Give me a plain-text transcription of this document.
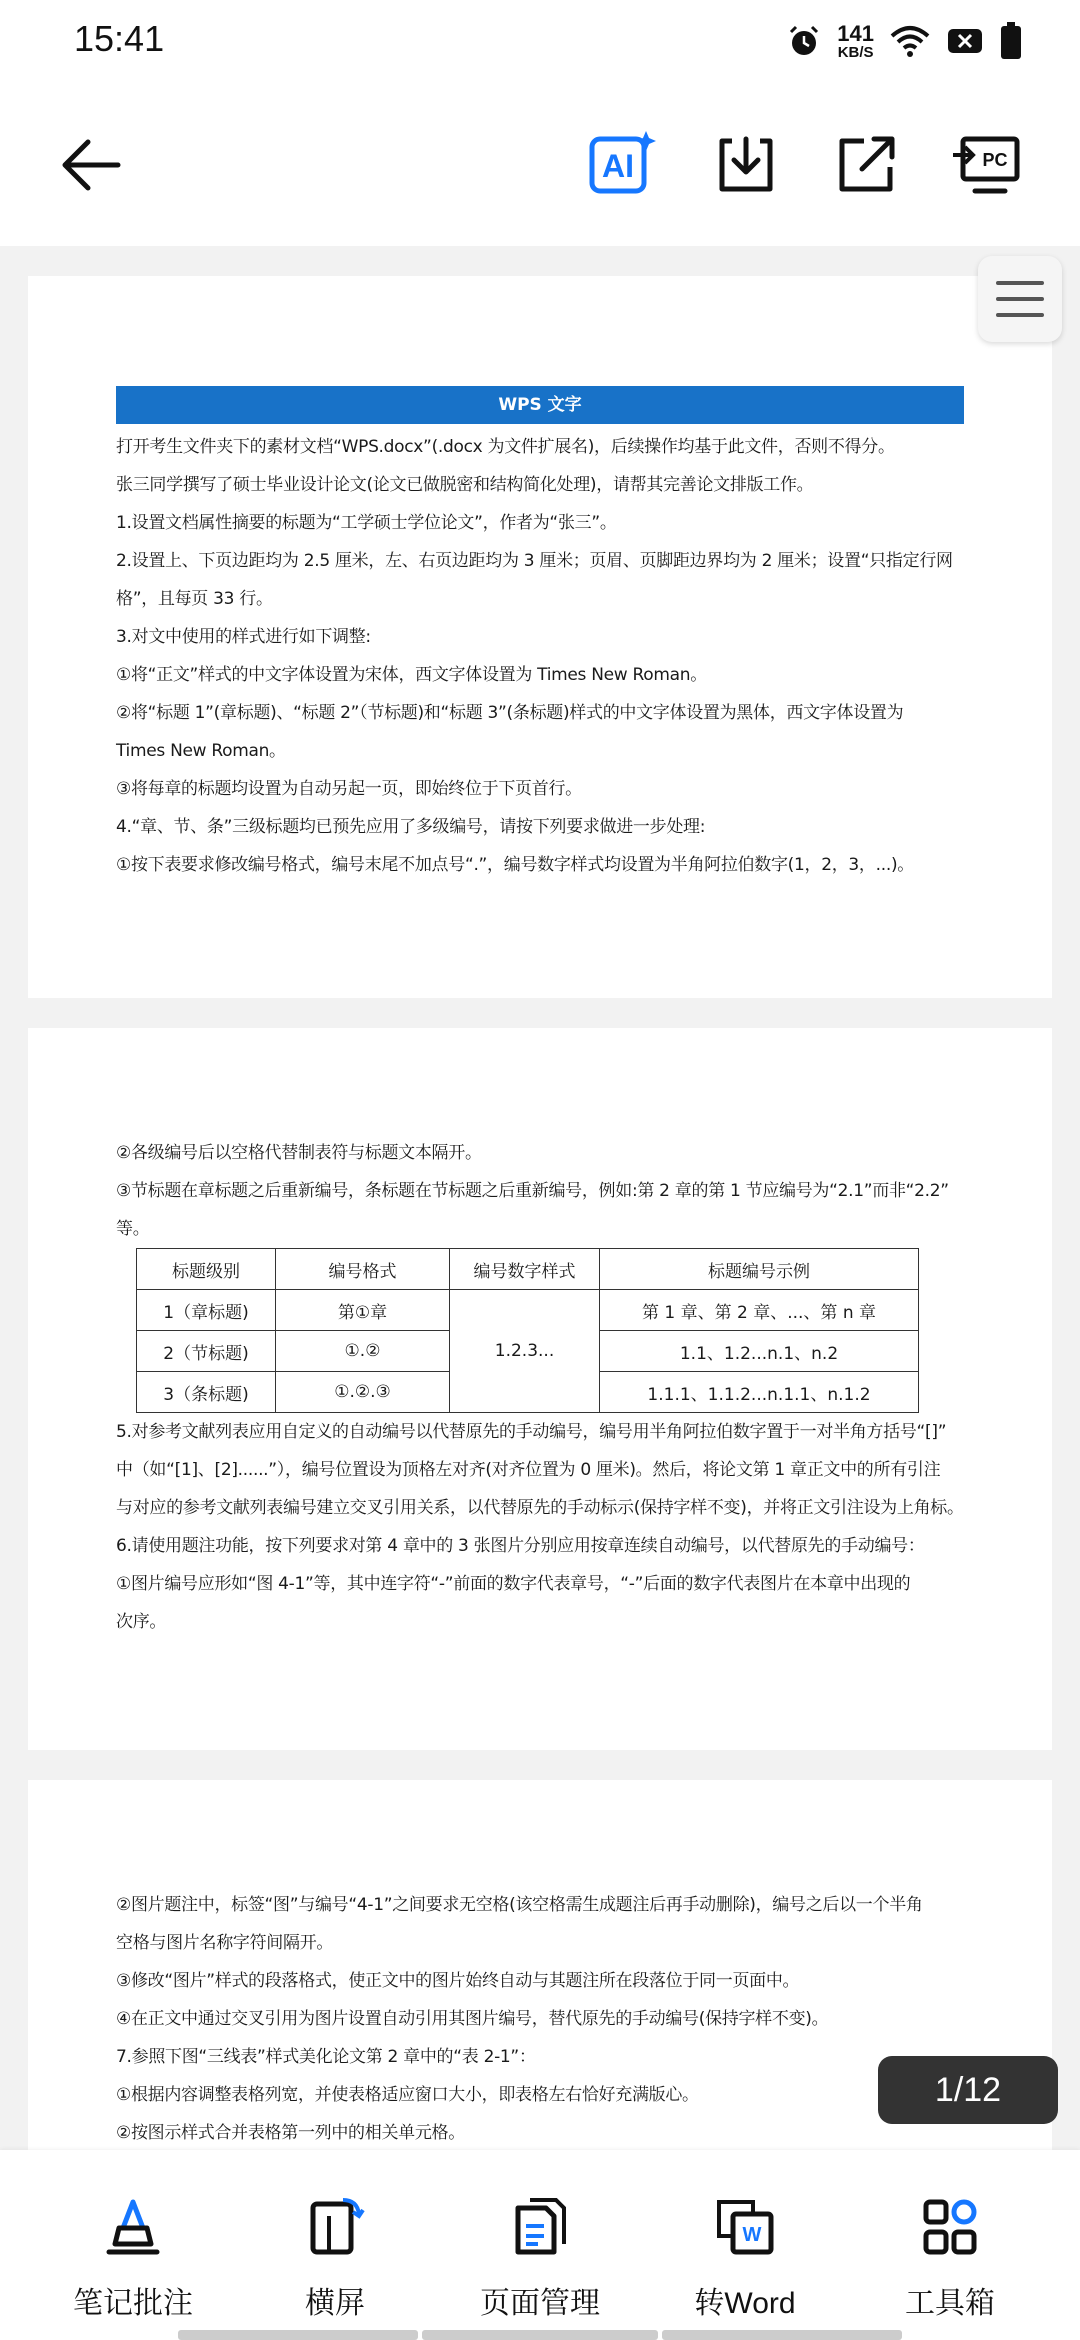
15:41	141
KB/S
AI	PC
WPS 文字
打开考生文件夹下的素材文档“WPS.docx”(.docx 为文件扩展名)，后续操作均基于此文件，否则不得分。
张三同学撰写了硕士毕业设计论文(论文已做脱密和结构简化处理)，请帮其完善论文排版工作。
1.设置文档属性摘要的标题为“工学硕士学位论文”，作者为“张三”。
2.设置上、下页边距均为 2.5 厘米，左、右页边距均为 3 厘米；页眉、页脚距边界均为 2 厘米；设置“只指定行网
格”，且每页 33 行。
3.对文中使用的样式进行如下调整:
①将“正文”样式的中文字体设置为宋体，西文字体设置为 Times New Roman。
②将“标题 1”(章标题)、“标题 2”（节标题)和“标题 3”(条标题)样式的中文字体设置为黑体，西文字体设置为
Times New Roman。
③将每章的标题均设置为自动另起一页，即始终位于下页首行。
4.“章、节、条”三级标题均已预先应用了多级编号，请按下列要求做进一步处理:
①按下表要求修改编号格式，编号末尾不加点号“.”，编号数字样式均设置为半角阿拉伯数字(1，2，3，...)。
②各级编号后以空格代替制表符与标题文本隔开。
③节标题在章标题之后重新编号，条标题在节标题之后重新编号，例如:第 2 章的第 1 节应编号为“2.1”而非“2.2”
等。
标题级别	编号格式	编号数字样式	标题编号示例
1（章标题)	第①章	1.2.3...	第 1 章、第 2 章、...、第 n 章
2（节标题)	①.②		1.1、1.2...n.1、n.2
3（条标题)	①.②.③		1.1.1、1.1.2...n.1.1、n.1.2
5.对参考文献列表应用自定义的自动编号以代替原先的手动编号，编号用半角阿拉伯数字置于一对半角方括号“[]”
中（如“[1]、[2]......”），编号位置设为顶格左对齐(对齐位置为 0 厘米)。然后，将论文第 1 章正文中的所有引注
与对应的参考文献列表编号建立交叉引用关系，以代替原先的手动标示(保持字样不变)，并将正文引注设为上角标。
6.请使用题注功能，按下列要求对第 4 章中的 3 张图片分别应用按章连续自动编号，以代替原先的手动编号：
①图片编号应形如“图 4-1”等，其中连字符“-”前面的数字代表章号，“-”后面的数字代表图片在本章中出现的
次序。
②图片题注中，标签“图”与编号“4-1”之间要求无空格(该空格需生成题注后再手动删除)，编号之后以一个半角
空格与图片名称字符间隔开。
③修改“图片”样式的段落格式，使正文中的图片始终自动与其题注所在段落位于同一页面中。
④在正文中通过交叉引用为图片设置自动引用其图片编号，替代原先的手动编号(保持字样不变)。
7.参照下图“三线表”样式美化论文第 2 章中的“表 2-1”：
①根据内容调整表格列宽，并使表格适应窗口大小，即表格左右恰好充满版心。
②按图示样式合并表格第一列中的相关单元格。
1/12
笔记批注	横屏	页面管理
W
转Word	工具箱
